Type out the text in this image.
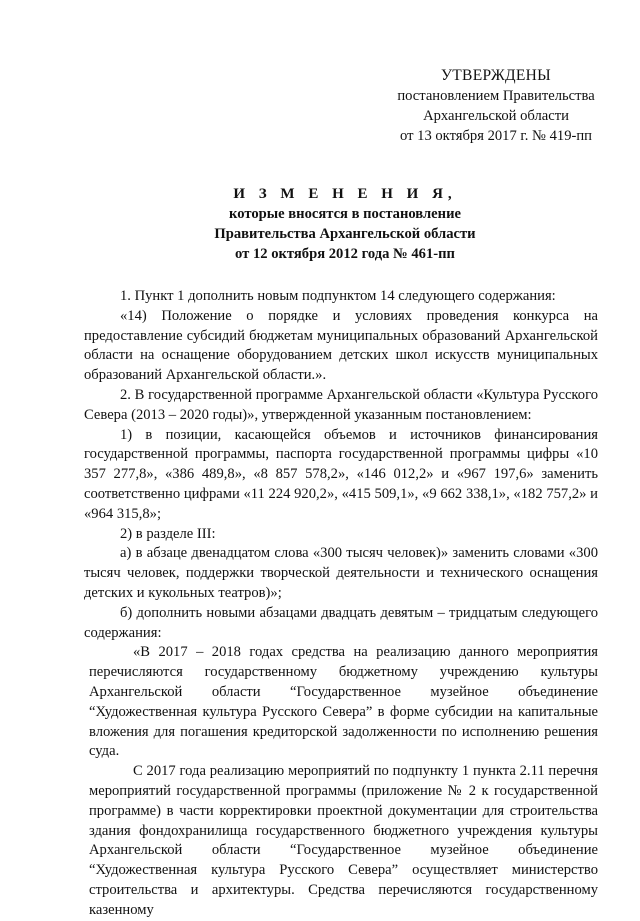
УТВЕРЖДЕНЫ
постановлением Правительства
Архангельской области
от 13 октября 2017 г. № 419-пп
И З М Е Н Е Н И Я,
которые вносятся в постановление
Правительства Архангельской области
от 12 октября 2012 года № 461-пп

1. Пункт 1 дополнить новым подпунктом 14 следующего содержания:

«14) Положение о порядке и условиях проведения конкурса на предоставление субсидий бюджетам муниципальных образований Архангельской области на оснащение оборудованием детских школ искусств муниципальных образований Архангельской области.».

2. В государственной программе Архангельской области «Культура Русского Севера (2013 – 2020 годы)», утвержденной указанным постановлением:

1) в позиции, касающейся объемов и источников финансирования государственной программы, паспорта государственной программы цифры «10 357 277,8», «386 489,8», «8 857 578,2», «146 012,2» и «967 197,6» заменить соответственно цифрами «11 224 920,2», «415 509,1», «9 662 338,1», «182 757,2» и «964 315,8»;

2) в разделе III:

а) в абзаце двенадцатом слова «300 тысяч человек)» заменить словами «300 тысяч человек, поддержки творческой деятельности и технического оснащения детских и кукольных театров)»;

б) дополнить новыми абзацами двадцать девятым – тридцатым следующего содержания:

«В 2017 – 2018 годах средства на реализацию данного мероприятия перечисляются государственному бюджетному учреждению культуры Архангельской области “Государственное музейное объединение “Художественная культура Русского Севера” в форме субсидии на капитальные вложения для погашения кредиторской задолженности по исполнению решения суда.

С 2017 года реализацию мероприятий по подпункту 1 пункта 2.11 перечня мероприятий государственной программы (приложение № 2 к государственной программе) в части корректировки проектной документации для строительства здания фондохранилища государственного бюджетного учреждения культуры Архангельской области “Государственное музейное объединение “Художественная культура Русского Севера” осуществляет министерство строительства и архитектуры. Средства перечисляются государственному казенному
